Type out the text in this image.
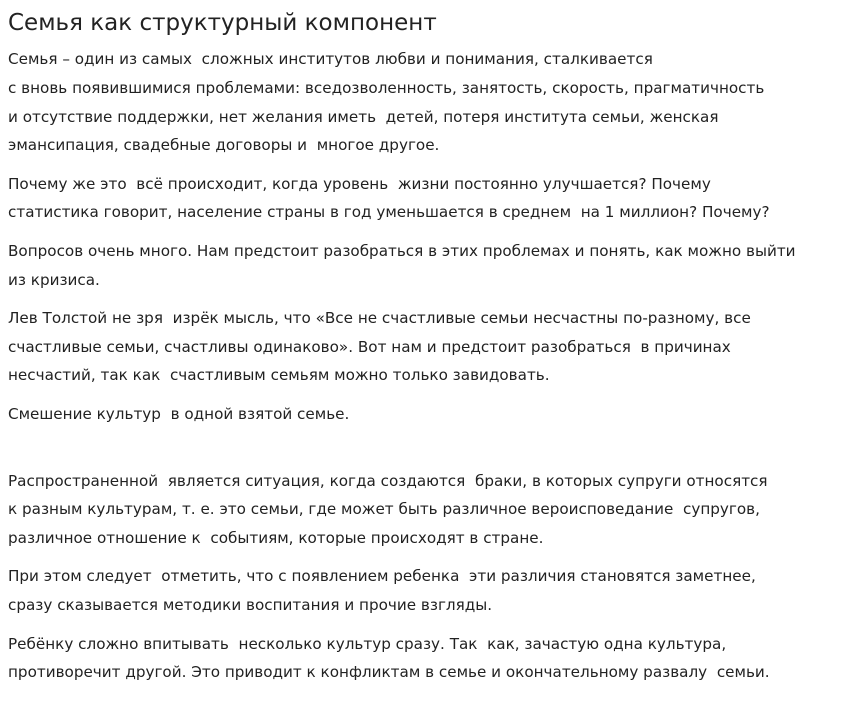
Семья как структурный компонент

Семья – один из самых  сложных институтов любви и понимания, сталкивается
с вновь появившимися проблемами: вседозволенность, занятость, скорость, прагматичность
и отсутствие поддержки, нет желания иметь  детей, потеря института семьи, женская
эмансипация, свадебные договоры и  многое другое.

Почему же это  всё происходит, когда уровень  жизни постоянно улучшается? Почему
статистика говорит, население страны в год уменьшается в среднем  на 1 миллион? Почему?

Вопросов очень много. Нам предстоит разобраться в этих проблемах и понять, как можно выйти
из кризиса.

Лев Толстой не зря  изрёк мысль, что «Все не счастливые семьи несчастны по-разному, все
счастливые семьи, счастливы одинаково». Вот нам и предстоит разобраться  в причинах
несчастий, так как  счастливым семьям можно только завидовать.

Смешение культур  в одной взятой семье.

Распространенной  является ситуация, когда создаются  браки, в которых супруги относятся
к разным культурам, т. е. это семьи, где может быть различное вероисповедание  супругов,
различное отношение к  событиям, которые происходят в стране.

При этом следует  отметить, что с появлением ребенка  эти различия становятся заметнее,
сразу сказывается методики воспитания и прочие взгляды.

Ребёнку сложно впитывать  несколько культур сразу. Так  как, зачастую одна культура,
противоречит другой. Это приводит к конфликтам в семье и окончательному развалу  семьи.
